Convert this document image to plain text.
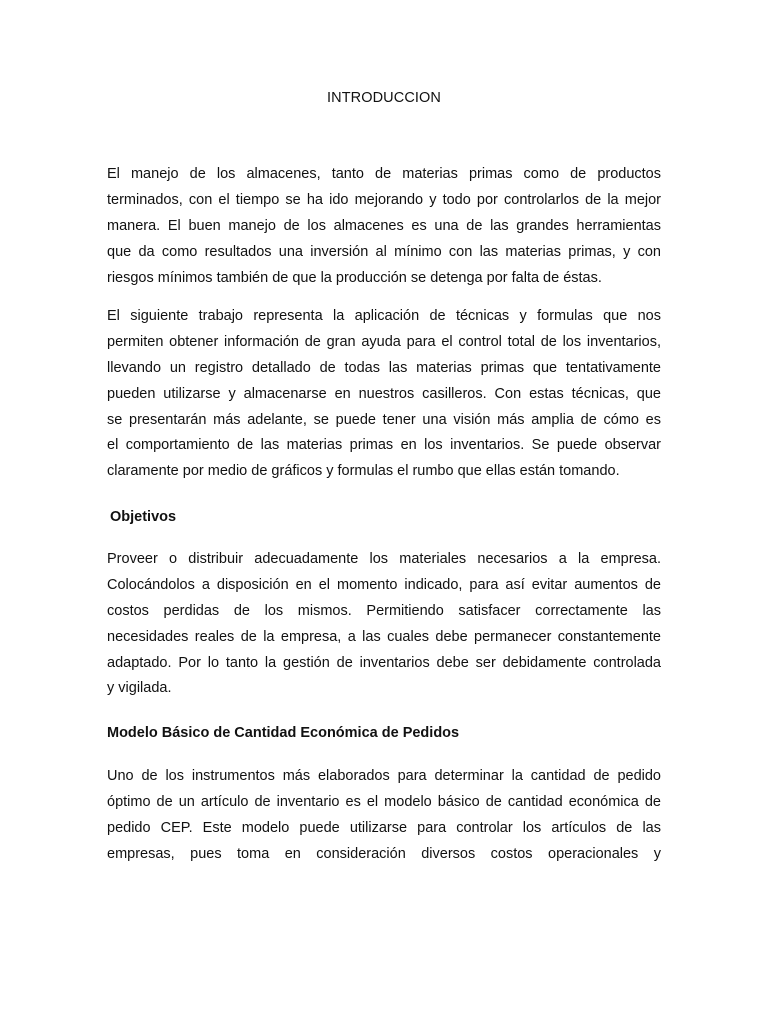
INTRODUCCION
El manejo de los almacenes, tanto de materias primas como de productos
terminados, con el tiempo se ha ido mejorando y todo por controlarlos de la mejor
manera. El buen manejo de los almacenes es una de las grandes herramientas
que da como resultados una inversión al mínimo con las materias primas, y con
riesgos mínimos también de que la producción se detenga por falta de éstas.
El siguiente trabajo representa la aplicación de técnicas y formulas que nos
permiten obtener información de gran ayuda para el control total de los inventarios,
llevando un registro detallado de todas las materias primas que tentativamente
pueden utilizarse y almacenarse en nuestros casilleros. Con estas técnicas, que
se presentarán más adelante, se puede tener una visión más amplia de cómo es
el comportamiento de las materias primas en los inventarios. Se puede observar
claramente por medio de gráficos y formulas el rumbo que ellas están tomando.
Objetivos
Proveer o distribuir adecuadamente los materiales necesarios a la empresa.
Colocándolos a disposición en el momento indicado, para así evitar aumentos de
costos perdidas de los mismos. Permitiendo satisfacer correctamente las
necesidades reales de la empresa, a las cuales debe permanecer constantemente
adaptado. Por lo tanto la gestión de inventarios debe ser debidamente controlada
y vigilada.
Modelo Básico de Cantidad Económica de Pedidos
Uno de los instrumentos más elaborados para determinar la cantidad de pedido
óptimo de un artículo de inventario es el modelo básico de cantidad económica de
pedido CEP. Este modelo puede utilizarse para controlar los artículos de las
empresas, pues toma en consideración diversos costos operacionales y
